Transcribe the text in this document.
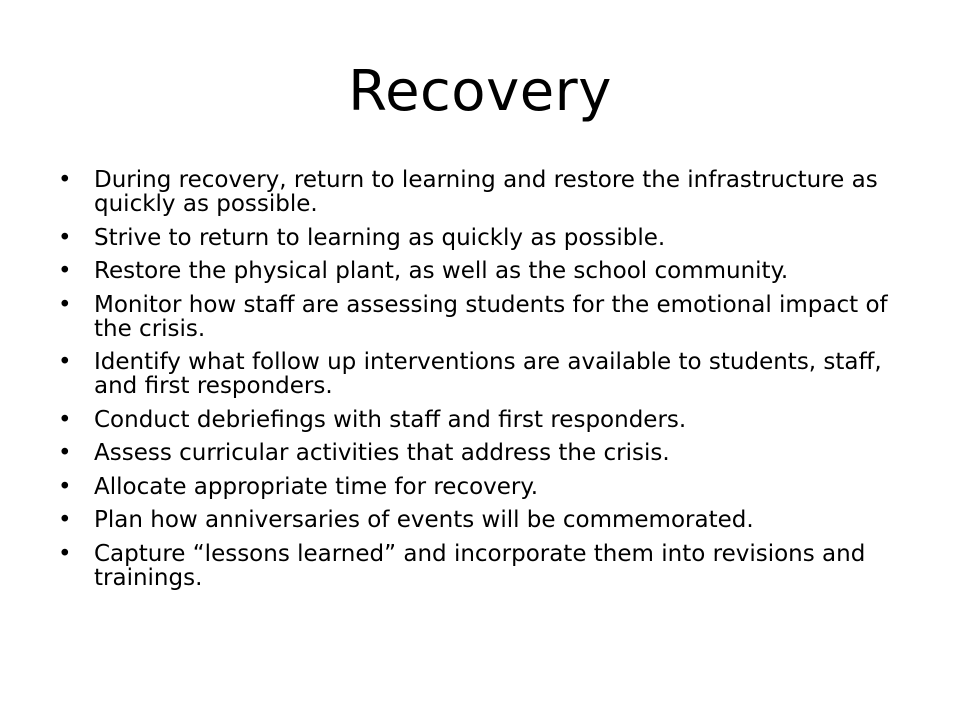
Recovery
• During recovery, return to learning and restore the infrastructure as quickly as possible.
• Strive to return to learning as quickly as possible.
• Restore the physical plant, as well as the school community.
• Monitor how staff are assessing students for the emotional impact of the crisis.
• Identify what follow up interventions are available to students, staff, and first responders.
• Conduct debriefings with staff and first responders.
• Assess curricular activities that address the crisis.
• Allocate appropriate time for recovery.
• Plan how anniversaries of events will be commemorated.
• Capture “lessons learned” and incorporate them into revisions and trainings.
